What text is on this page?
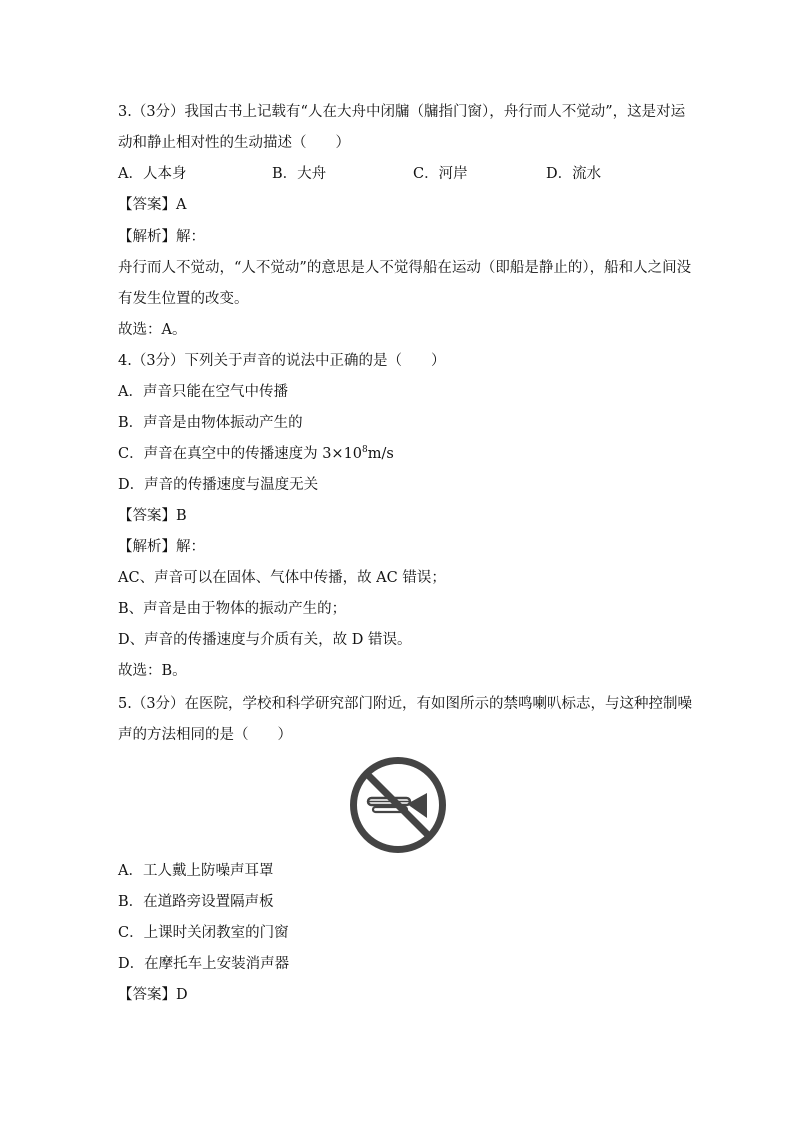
3.（3分）我国古书上记载有“人在大舟中闭牖（牖指门窗），舟行而人不觉动”，这是对运
动和静止相对性的生动描述（　　）
A．人本身	B．大舟	C．河岸	D．流水
【答案】A
【解析】解：
舟行而人不觉动，“人不觉动”的意思是人不觉得船在运动（即船是静止的），船和人之间没
有发生位置的改变。
故选：A。
4.（3分）下列关于声音的说法中正确的是（　　）
A．声音只能在空气中传播
B．声音是由物体振动产生的
C．声音在真空中的传播速度为 $3\times 10^8m/s$
D．声音的传播速度与温度无关
【答案】B
【解析】解：
AC、声音可以在固体、气体中传播，故 AC 错误；
B、声音是由于物体的振动产生的；
D、声音的传播速度与介质有关，故 D 错误。
故选：B。
5.（3分）在医院，学校和科学研究部门附近，有如图所示的禁鸣喇叭标志，与这种控制噪
声的方法相同的是（　　）
A．工人戴上防噪声耳罩
B．在道路旁设置隔声板
C．上课时关闭教室的门窗
D．在摩托车上安装消声器
【答案】D
